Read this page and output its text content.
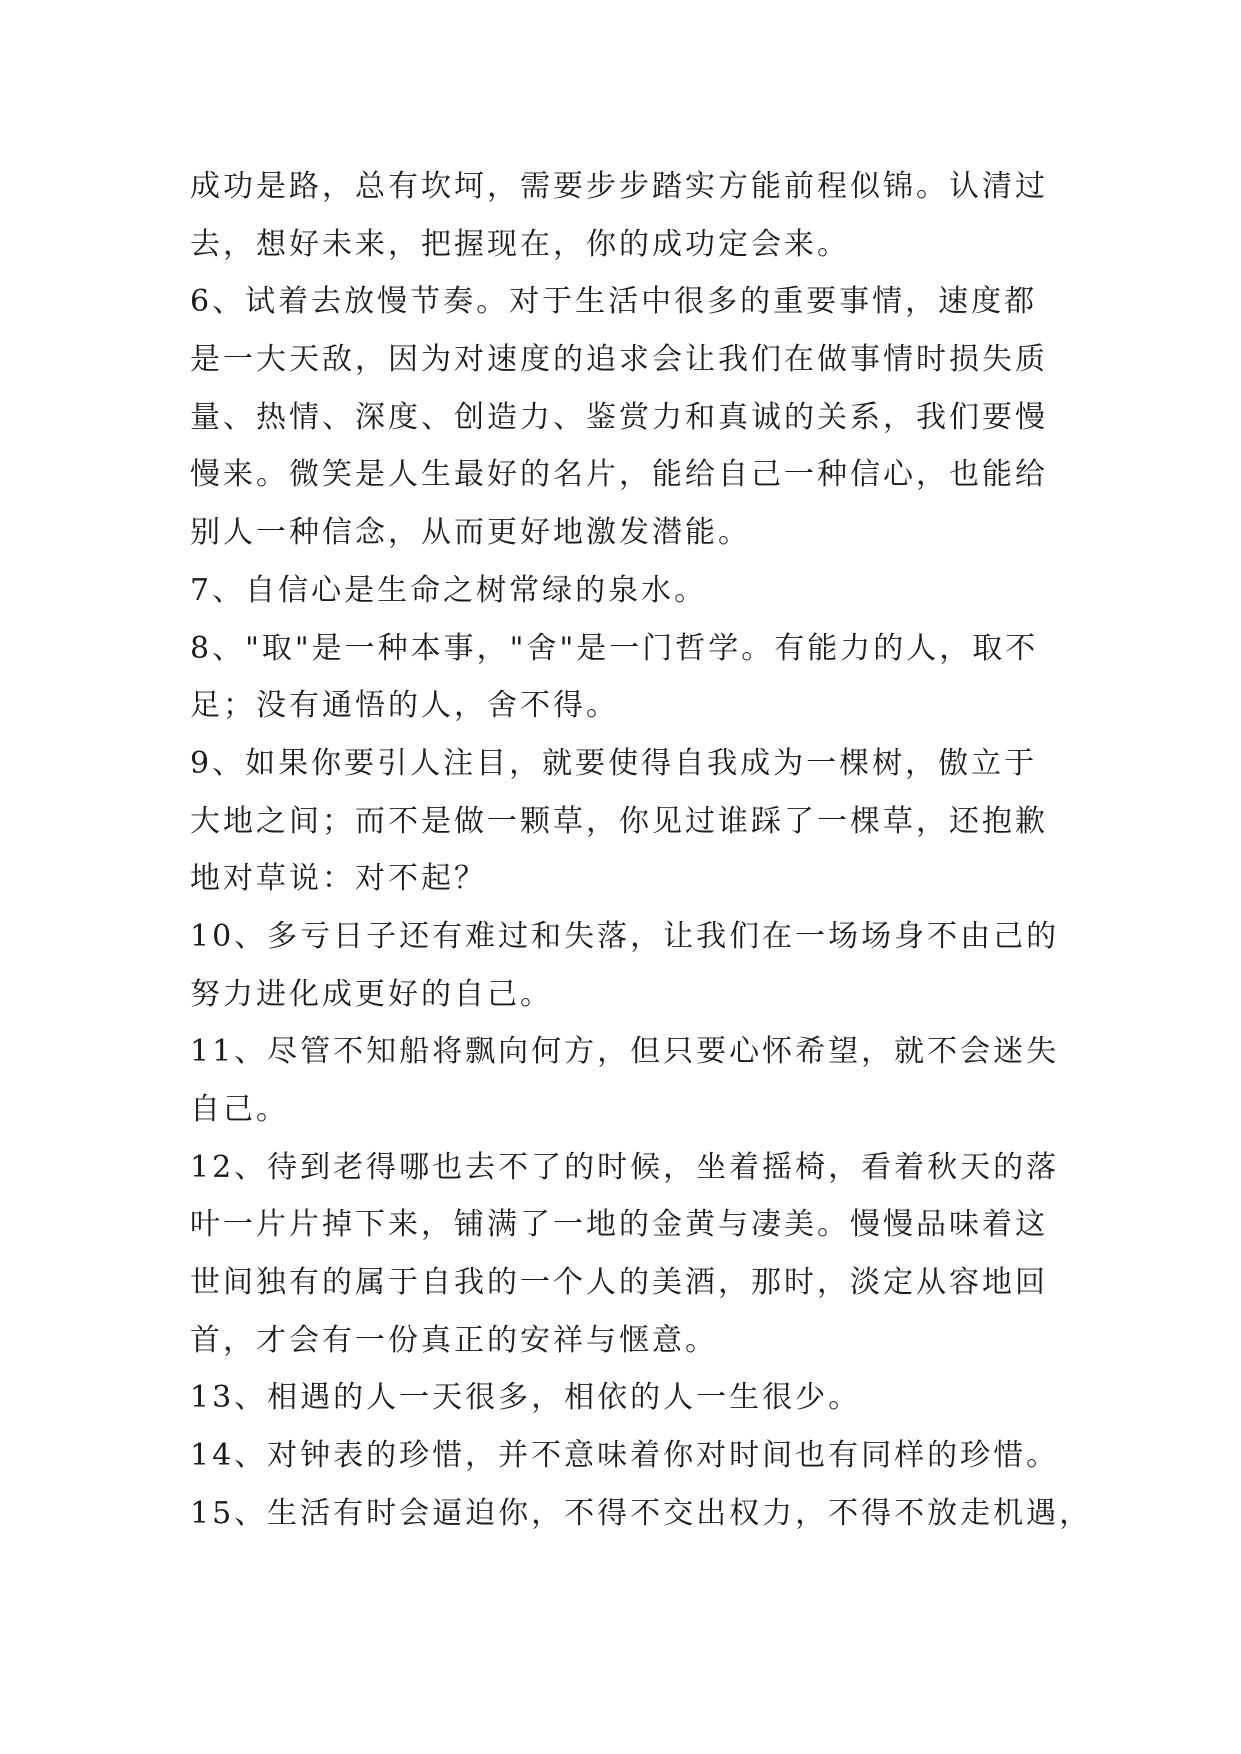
成功是路，总有坎坷，需要步步踏实方能前程似锦。认清过
去，想好未来，把握现在，你的成功定会来。
6、试着去放慢节奏。对于生活中很多的重要事情，速度都
是一大天敌，因为对速度的追求会让我们在做事情时损失质
量、热情、深度、创造力、鉴赏力和真诚的关系，我们要慢
慢来。微笑是人生最好的名片，能给自己一种信心，也能给
别人一种信念，从而更好地激发潜能。
7、自信心是生命之树常绿的泉水。
8、"取"是一种本事，"舍"是一门哲学。有能力的人，取不
足；没有通悟的人，舍不得。
9、如果你要引人注目，就要使得自我成为一棵树，傲立于
大地之间；而不是做一颗草，你见过谁踩了一棵草，还抱歉
地对草说：对不起？
10、多亏日子还有难过和失落，让我们在一场场身不由己的
努力进化成更好的自己。
11、尽管不知船将飘向何方，但只要心怀希望，就不会迷失
自己。
12、待到老得哪也去不了的时候，坐着摇椅，看着秋天的落
叶一片片掉下来，铺满了一地的金黄与凄美。慢慢品味着这
世间独有的属于自我的一个人的美酒，那时，淡定从容地回
首，才会有一份真正的安祥与惬意。
13、相遇的人一天很多，相依的人一生很少。
14、对钟表的珍惜，并不意味着你对时间也有同样的珍惜。
15、生活有时会逼迫你，不得不交出权力，不得不放走机遇，
